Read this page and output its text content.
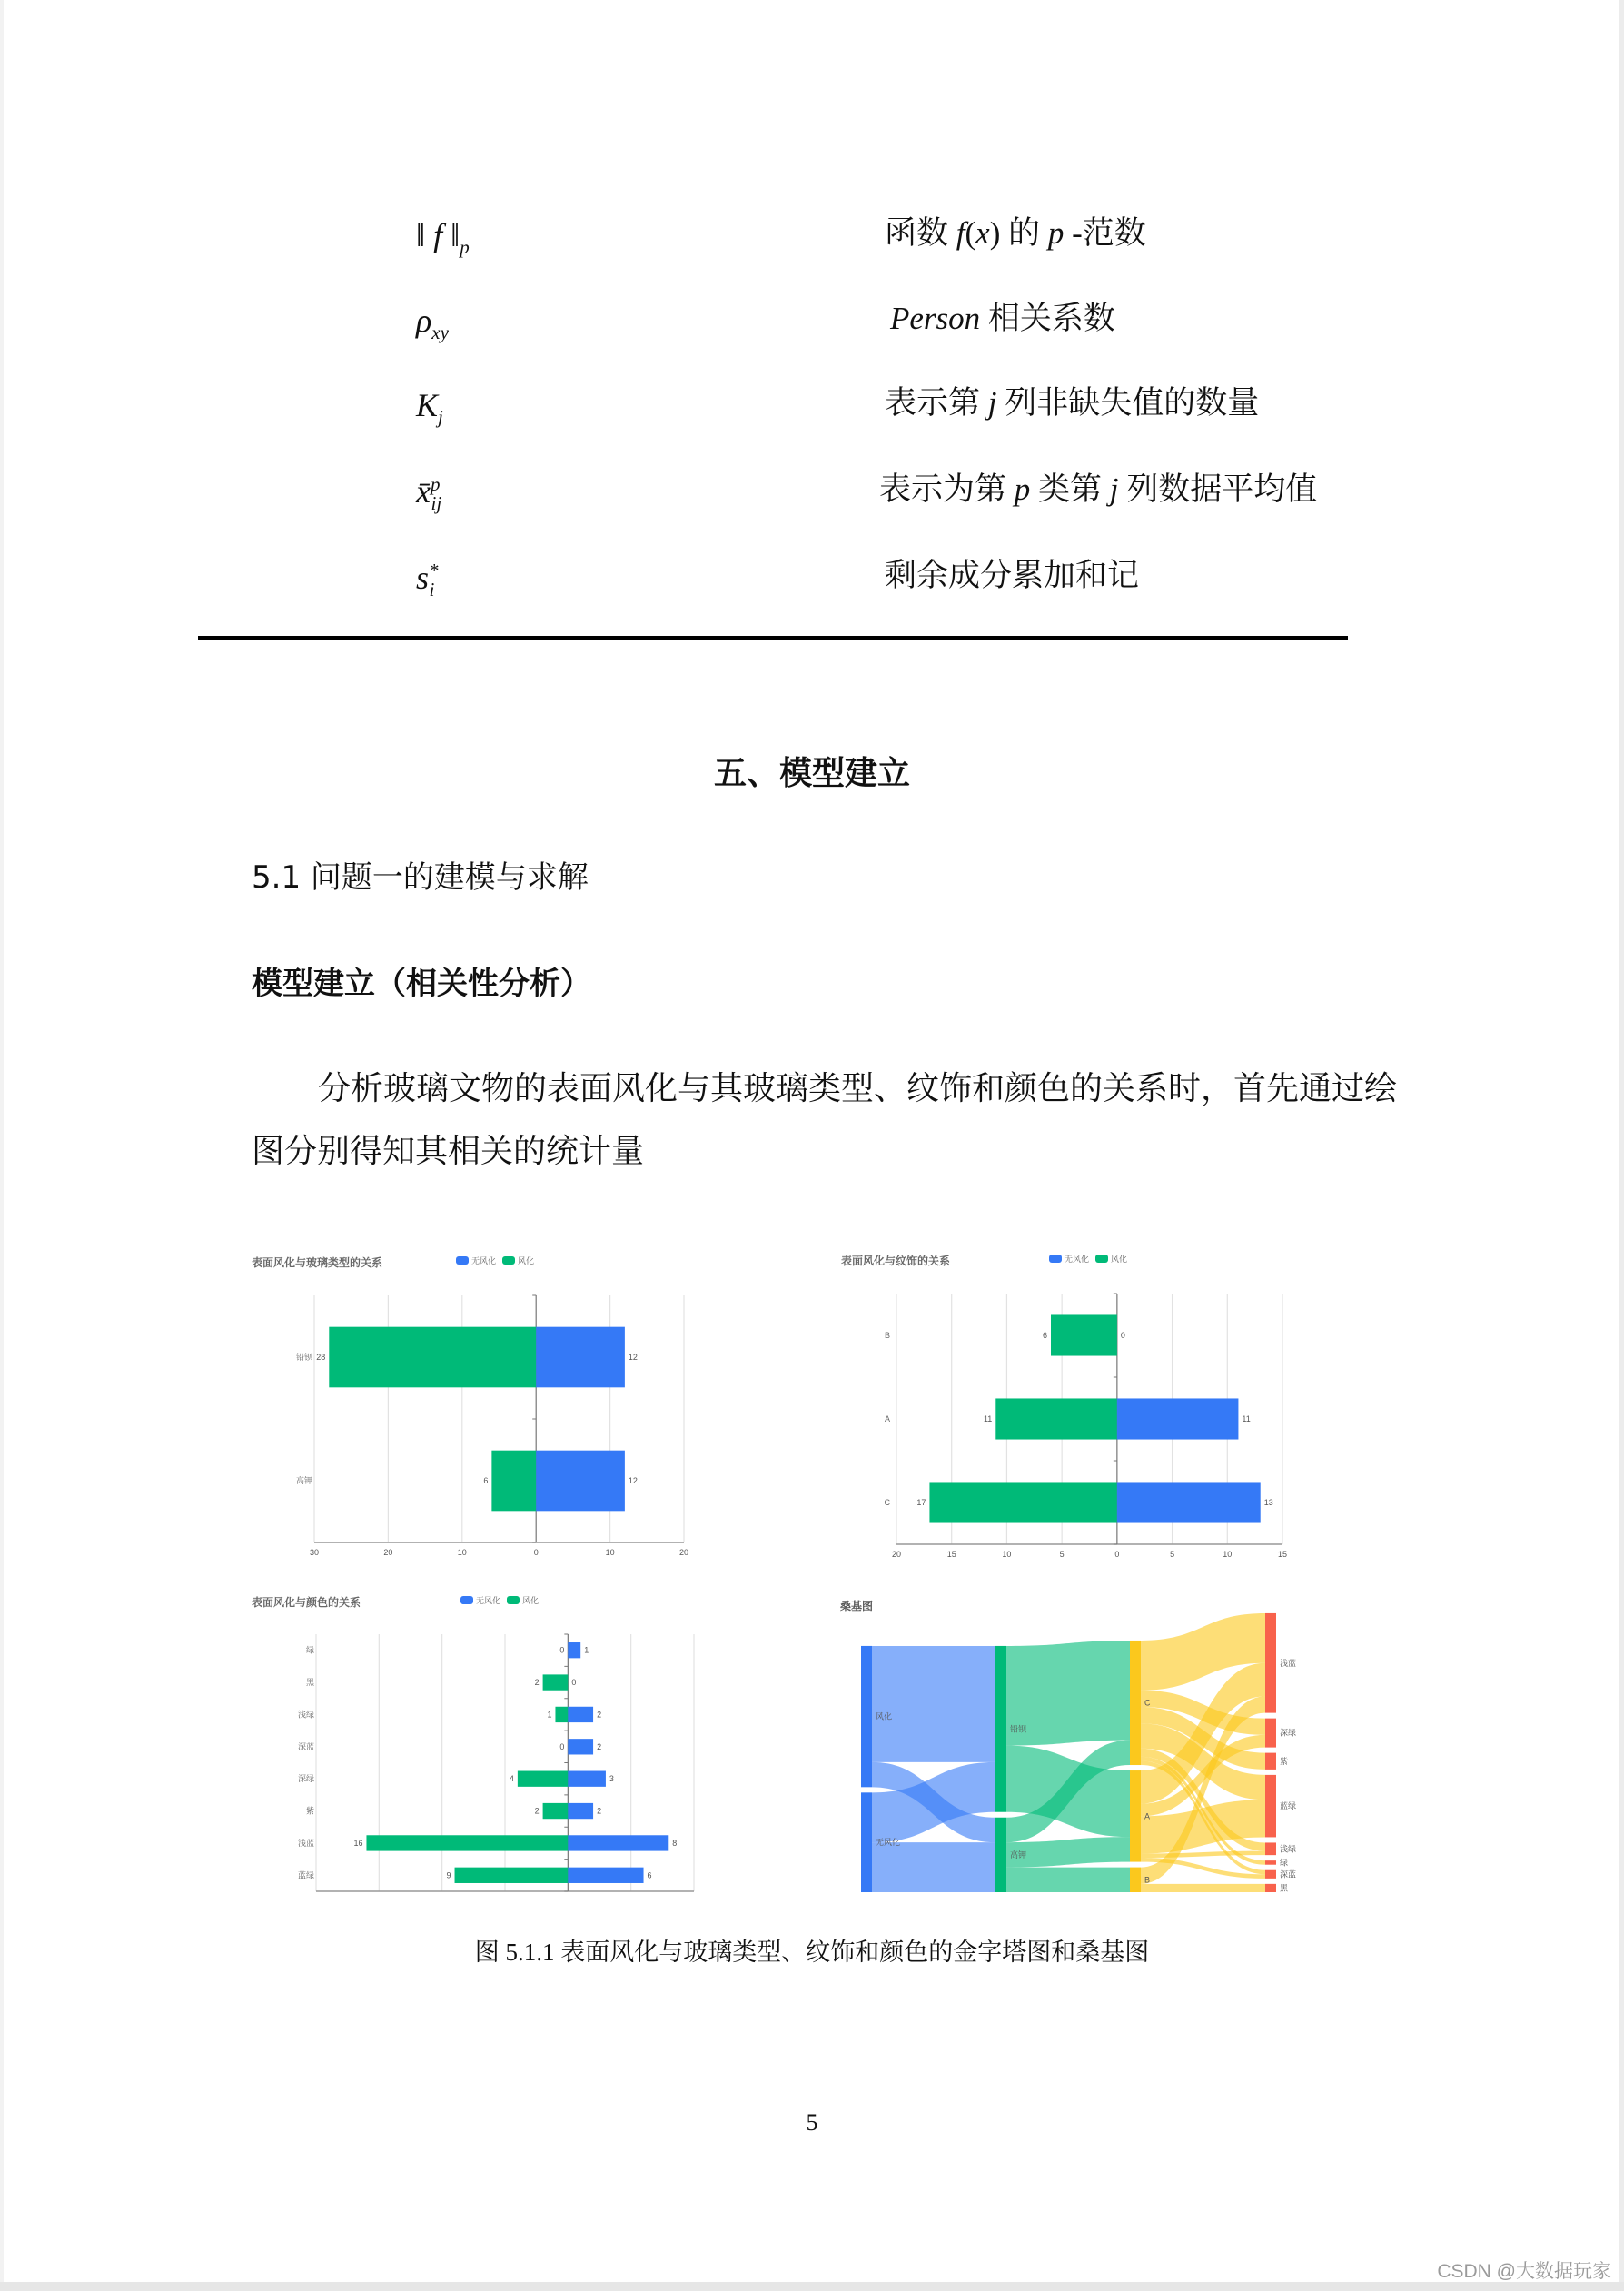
‖ f $‖_p$	函数 f(x) 的 p -范数
$\rho_{xy}$	Person 相关系数
$K_j$	表示第 j 列非缺失值的数量
x̄$^p_{ij}$	表示为第 p 类第 j 列数据平均值
$s^*_i$	剩余成分累加和记
五、模型建立
5.1 问题一的建模与求解
模型建立（相关性分析）
分析玻璃文物的表面风化与其玻璃类型、纹饰和颜色的关系时，首先通过绘
图分别得知其相关的统计量
表面风化与玻璃类型的关系	无风化	风化
30	20	10	0	10	20
铅钡 28	12
高钾	6	12
表面风化与纹饰的关系	无风化	风化
20	15	10	5	0	5	10	15
B	6	0
A	11	11
C	17	13
表面风化与颜色的关系	无风化	风化
绿	0 1
黑	2	0
浅绿	1	2
深蓝	0	2
深绿	4	3
紫	2	2
浅蓝	16	8
蓝绿	9	6
桑基图
风化
无风化
铅钡
高钾
C
A
B
浅蓝
深绿
紫
蓝绿
浅绿
绿
深蓝
黑
图 5.1.1 表面风化与玻璃类型、纹饰和颜色的金字塔图和桑基图
5
CSDN @大数据玩家
